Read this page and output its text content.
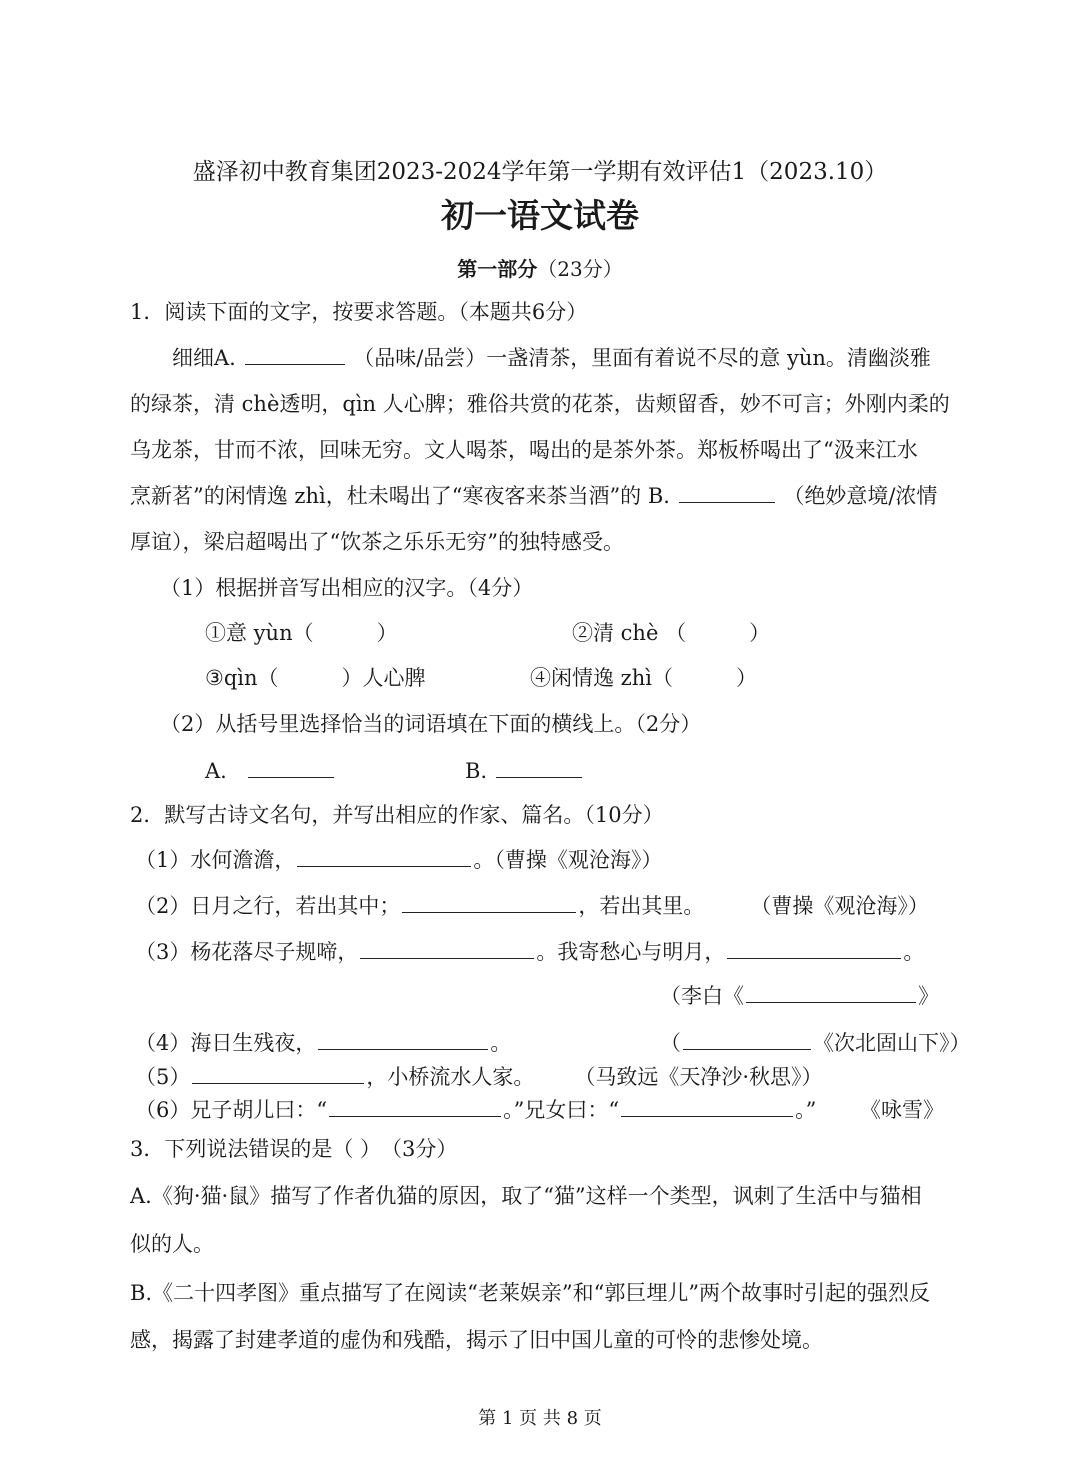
盛泽初中教育集团2023-2024学年第一学期有效评估1（2023.10）
初一语文试卷
第一部分（23分）
1．阅读下面的文字，按要求答题。（本题共6分）
细细A.	（品味/品尝）一盏清茶，里面有着说不尽的意 yùn。清幽淡雅
的绿茶，清 chè透明，qìn 人心脾；雅俗共赏的花茶，齿颊留香，妙不可言；外刚内柔的
乌龙茶，甘而不浓，回味无穷。文人喝茶，喝出的是茶外茶。郑板桥喝出了“汲来江水
烹新茗”的闲情逸 zhì，杜未喝出了“寒夜客来茶当酒”的 B.	（绝妙意境/浓情
厚谊），梁启超喝出了“饮茶之乐乐无穷”的独特感受。
（1）根据拼音写出相应的汉字。（4分）
①意 yùn（　　　）	②清 chè （　　　）
③qìn（　　　）人心脾	④闲情逸 zhì（　　　）
（2）从括号里选择恰当的词语填在下面的横线上。（2分）
A.	B.
2．默写古诗文名句，并写出相应的作家、篇名。（10分）
（1）水何澹澹，	。（曹操《观沧海》）
（2）日月之行，若出其中；	，若出其里。 （曹操《观沧海》）
（3）杨花落尽子规啼，	。我寄愁心与明月，	。
（李白《	》
（4）海日生残夜，	。	（	《次北固山下》）
（5）	，小桥流水人家。 （马致远《天净沙·秋思》）
（6）兄子胡儿曰：“	。”兄女曰：“	。” 《咏雪》
3．下列说法错误的是（ ）　（3分）
A.《狗·猫·鼠》描写了作者仇猫的原因，取了“猫”这样一个类型，讽刺了生活中与猫相
似的人。
B.《二十四孝图》重点描写了在阅读“老莱娱亲”和“郭巨埋儿”两个故事时引起的强烈反
感，揭露了封建孝道的虚伪和残酷，揭示了旧中国儿童的可怜的悲惨处境。
第 1 页 共 8 页
